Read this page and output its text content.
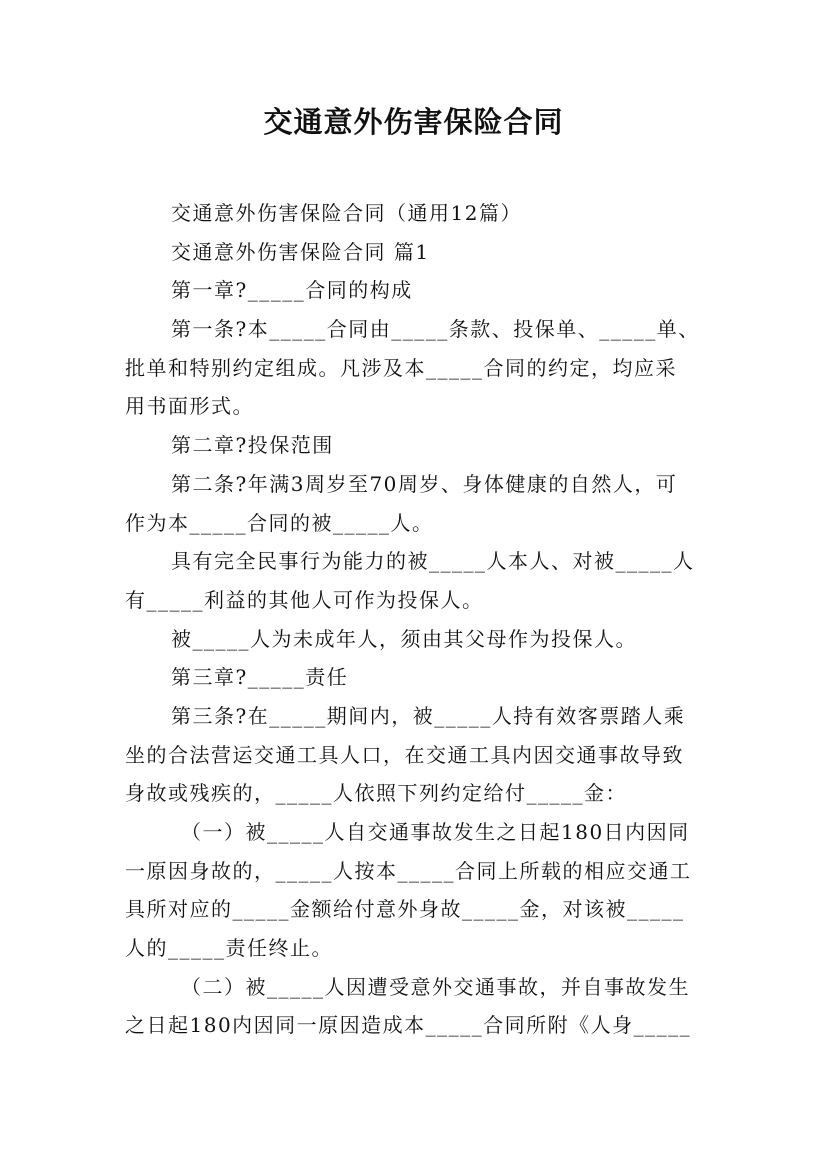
交通意外伤害保险合同
交通意外伤害保险合同（通用12篇）
交通意外伤害保险合同 篇1
第一章?_____合同的构成
第一条?本_____合同由_____条款、投保单、_____单、
批单和特别约定组成。凡涉及本_____合同的约定，均应采
用书面形式。
第二章?投保范围
第二条?年满3周岁至70周岁、身体健康的自然人，可
作为本_____合同的被_____人。
具有完全民事行为能力的被_____人本人、对被_____人
有_____利益的其他人可作为投保人。
被_____人为未成年人，须由其父母作为投保人。
第三章?_____责任
第三条?在_____期间内，被_____人持有效客票踏人乘
坐的合法营运交通工具人口，在交通工具内因交通事故导致
身故或残疾的，_____人依照下列约定给付_____金：
（一）被_____人自交通事故发生之日起180日内因同
一原因身故的，_____人按本_____合同上所载的相应交通工
具所对应的_____金额给付意外身故_____金，对该被_____
人的_____责任终止。
（二）被_____人因遭受意外交通事故，并自事故发生
之日起180内因同一原因造成本_____合同所附《人身_____
